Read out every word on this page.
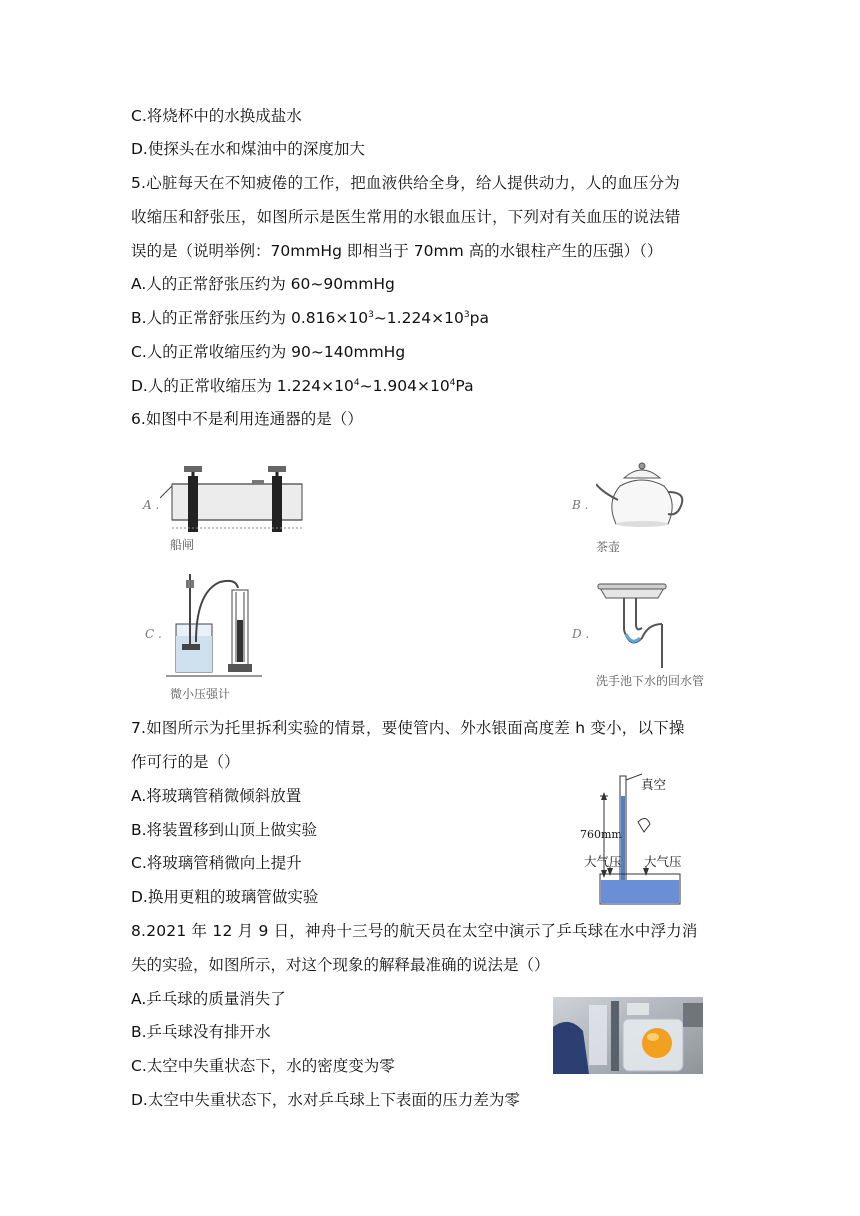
C.将烧杯中的水换成盐水
D.使探头在水和煤油中的深度加大
5.心脏每天在不知疲倦的工作，把血液供给全身，给人提供动力，人的血压分为
收缩压和舒张压，如图所示是医生常用的水银血压计，下列对有关血压的说法错
误的是（说明举例：70mmHg 即相当于 70mm 高的水银柱产生的压强）（）
A.人的正常舒张压约为 60~90mmHg
B.人的正常舒张压约为 $0.816\times 10^3\sim 1.224\times 10^3pa$
C.人的正常收缩压约为 90~140mmHg
D.人的正常收缩压为 $1.224\times 10^4\sim 1.904\times 10^4Pa$
6.如图中不是利用连通器的是（）
A .
船闸
B .
茶壶
C .
微小压强计
D .
洗手池下水的回水管
7.如图所示为托里拆利实验的情景，要使管内、外水银面高度差 h 变小，以下操
作可行的是（）
A.将玻璃管稍微倾斜放置
B.将装置移到山顶上做实验
C.将玻璃管稍微向上提升
D.换用更粗的玻璃管做实验
真空
760mm
大气压 大气压
8.2021 年 12 月 9 日，神舟十三号的航天员在太空中演示了乒乓球在水中浮力消
失的实验，如图所示，对这个现象的解释最准确的说法是（）
A.乒乓球的质量消失了
B.乒乓球没有排开水
C.太空中失重状态下，水的密度变为零
D.太空中失重状态下，水对乒乓球上下表面的压力差为零
